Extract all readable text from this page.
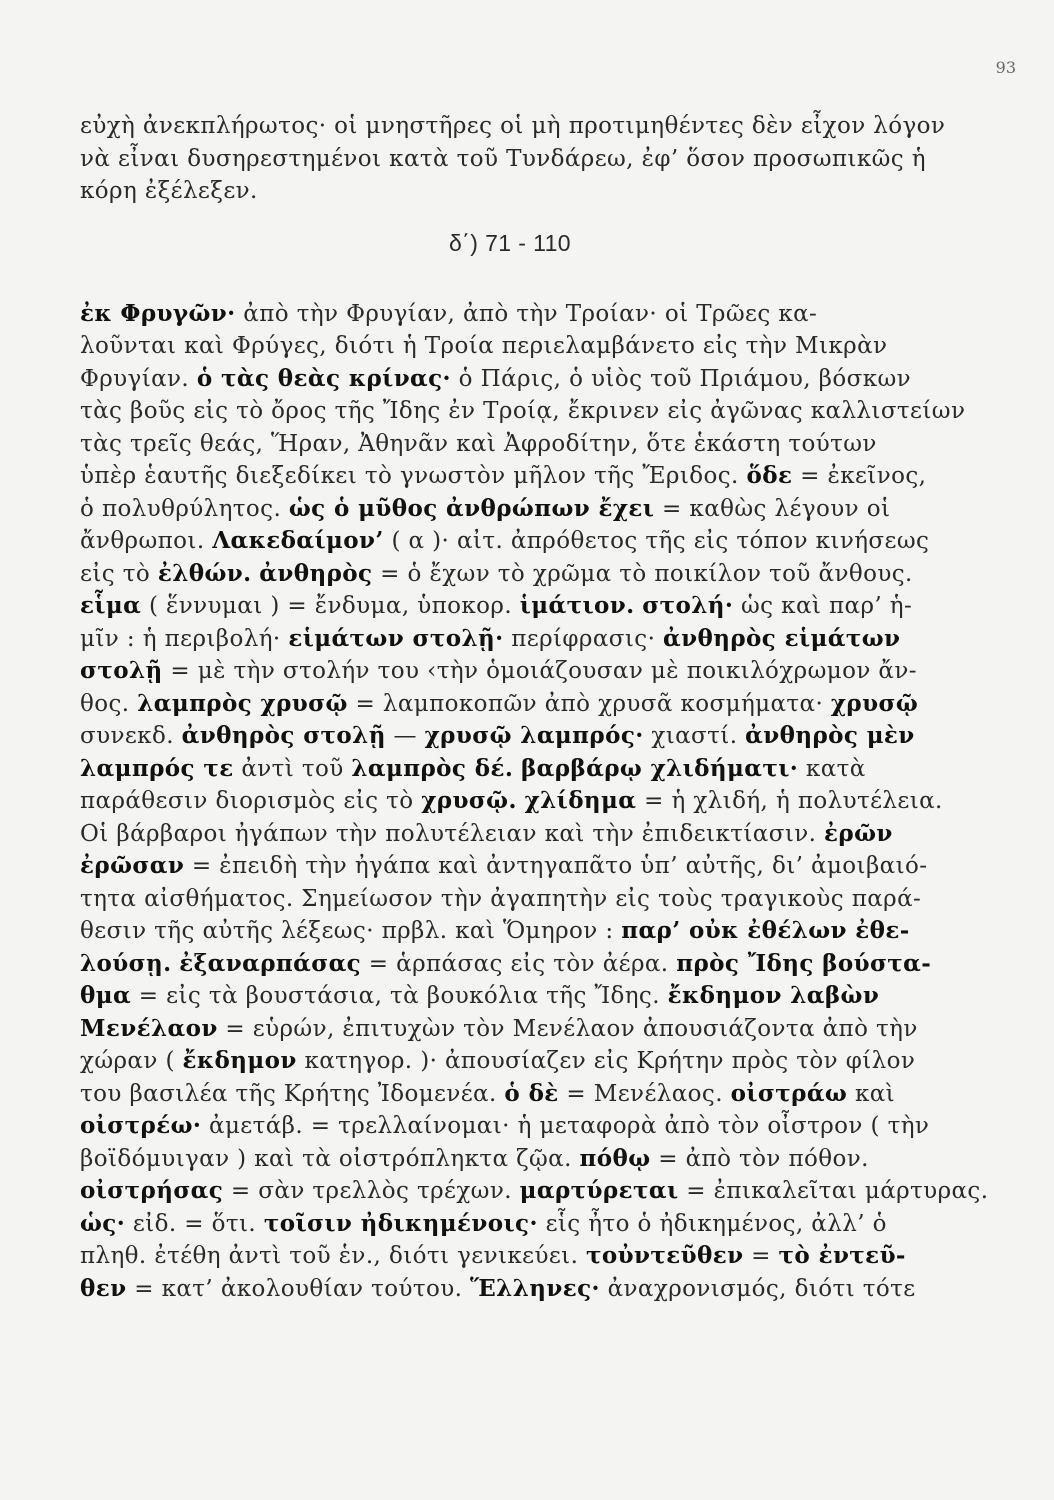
93
εὐχὴ ἀνεκπλήρωτος· οἱ μνηστῆρες οἱ μὴ προτιμηθέντες δὲν εἶχον λόγον
νὰ εἶναι δυσηρεστημένοι κατὰ τοῦ Τυνδάρεω, ἐφ’ ὅσον προσωπικῶς ἡ
κόρη ἐξέλεξεν.
δ΄) 71 - 110
ἐκ Φρυγῶν· ἀπὸ τὴν Φρυγίαν, ἀπὸ τὴν Τροίαν· οἱ Τρῶες κα-
λοῦνται καὶ Φρύγες, διότι ἡ Τροία περιελαμβάνετο εἰς τὴν Μικρὰν
Φρυγίαν. ὁ τὰς θεὰς κρίνας· ὁ Πάρις, ὁ υἱὸς τοῦ Πριάμου, βόσκων
τὰς βοῦς εἰς τὸ ὄρος τῆς Ἴδης ἐν Τροίᾳ, ἔκρινεν εἰς ἀγῶνας καλλιστείων
τὰς τρεῖς θεάς, Ἥραν, Ἀθηνᾶν καὶ Ἀφροδίτην, ὅτε ἑκάστη τούτων
ὑπὲρ ἑαυτῆς διεξεδίκει τὸ γνωστὸν μῆλον τῆς Ἔριδος. ὅδε = ἐκεῖνος,
ὁ πολυθρύλητος. ὡς ὁ μῦθος ἀνθρώπων ἔχει = καθὼς λέγουν οἱ
ἄνθρωποι. Λακεδαίμον’ ( α )· αἰτ. ἀπρόθετος τῆς εἰς τόπον κινήσεως
εἰς τὸ ἐλθών. ἀνθηρὸς = ὁ ἔχων τὸ χρῶμα τὸ ποικίλον τοῦ ἄνθους.
εἷμα ( ἕννυμαι ) = ἔνδυμα, ὑποκορ. ἱμάτιον. στολή· ὡς καὶ παρ’ ἡ-
μῖν : ἡ περιβολή· εἱμάτων στολῇ· περίφρασις· ἀνθηρὸς εἱμάτων
στολῇ = μὲ τὴν στολήν του ‹τὴν ὁμοιάζουσαν μὲ ποικιλόχρωμον ἄν-
θος. λαμπρὸς χρυσῷ = λαμποκοπῶν ἀπὸ χρυσᾶ κοσμήματα· χρυσῷ
συνεκδ. ἀνθηρὸς στολῇ — χρυσῷ λαμπρός· χιαστί. ἀνθηρὸς μὲν
λαμπρός τε ἀντὶ τοῦ λαμπρὸς δέ. βαρβάρῳ χλιδήματι· κατὰ
παράθεσιν διορισμὸς εἰς τὸ χρυσῷ. χλίδημα = ἡ χλιδή, ἡ πολυτέλεια.
Οἱ βάρβαροι ἠγάπων τὴν πολυτέλειαν καὶ τὴν ἐπιδεικτίασιν. ἐρῶν
ἐρῶσαν = ἐπειδὴ τὴν ἠγάπα καὶ ἀντηγαπᾶτο ὑπ’ αὐτῆς, δι’ ἀμοιβαιό-
τητα αἰσθήματος. Σημείωσον τὴν ἀγαπητὴν εἰς τοὺς τραγικοὺς παρά-
θεσιν τῆς αὐτῆς λέξεως· πρβλ. καὶ Ὅμηρον : παρ’ οὐκ ἐθέλων ἐθε-
λούσῃ. ἐξαναρπάσας = ἁρπάσας εἰς τὸν ἀέρα. πρὸς Ἴδης βούστα-
θμα = εἰς τὰ βουστάσια, τὰ βουκόλια τῆς Ἴδης. ἔκδημον λαβὼν
Μενέλαον = εὑρών, ἐπιτυχὼν τὸν Μενέλαον ἀπουσιάζοντα ἀπὸ τὴν
χώραν ( ἔκδημον κατηγορ. )· ἀπουσίαζεν εἰς Κρήτην πρὸς τὸν φίλον
του βασιλέα τῆς Κρήτης Ἰδομενέα. ὁ δὲ = Μενέλαος. οἰστράω καὶ
οἰστρέω· ἀμετάβ. = τρελλαίνομαι· ἡ μεταφορὰ ἀπὸ τὸν οἶστρον ( τὴν
βοϊδόμυιγαν ) καὶ τὰ οἰστρόπληκτα ζῷα. πόθῳ = ἀπὸ τὸν πόθον.
οἰστρήσας = σὰν τρελλὸς τρέχων. μαρτύρεται = ἐπικαλεῖται μάρτυρας.
ὡς· εἰδ. = ὅτι. τοῖσιν ἠδικημένοις· εἷς ἦτο ὁ ἠδικημένος, ἀλλ’ ὁ
πληθ. ἐτέθη ἀντὶ τοῦ ἑν., διότι γενικεύει. τοὐντεῦθεν = τὸ ἐντεῦ-
θεν = κατ’ ἀκολουθίαν τούτου. Ἕλληνες· ἀναχρονισμός, διότι τότε
